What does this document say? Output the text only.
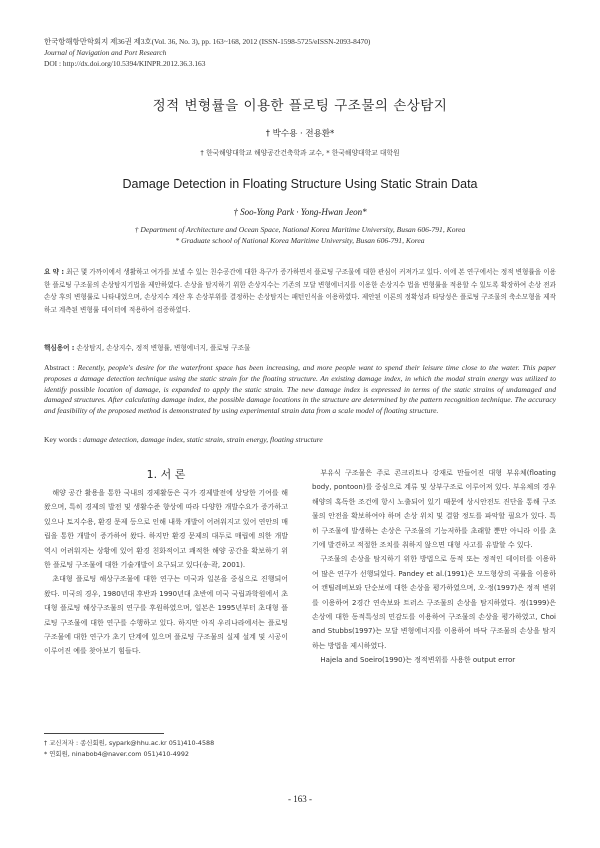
한국항해항만학회지 제36권 제3호(Vol. 36, No. 3), pp. 163~168, 2012 (ISSN-1598-5725/eISSN-2093-8470)
Journal of Navigation and Port Research
DOI : http://dx.doi.org/10.5394/KINPR.2012.36.3.163
정적 변형률을 이용한 플로팅 구조물의 손상탐지
† 박수용 · 전용환*
† 한국해양대학교 해양공간건축학과 교수, * 한국해양대학교 대학원
Damage Detection in Floating Structure Using Static Strain Data
† Soo-Yong Park · Yong-Hwan Jeon*
† Department of Architecture and Ocean Space, National Korea Maritime University, Busan 606-791, Korea
* Graduate school of National Korea Maritime University, Busan 606-791, Korea
요 약 : 최근 몇 가까이에서 생활하고 여가를 보낼 수 있는 친수공간에 대한 욕구가 증가하면서 플로팅 구조물에 대한 관심이 커져가고 있다. 이에 본 연구에서는 정적 변형률을 이용한 플로팅 구조물의 손상탐지기법을 제안하였다. 손상을 탐지하기 위한 손상지수는 기존의 모달 변형에너지를 이용한 손상지수 법을 변형률을 적용할 수 있도록 확장하여 손상 전과 손상 후의 변형률로 나타내었으며, 손상지수 계산 후 손상부위를 결정하는 손상탐지는 패턴인식을 이용하였다. 제안된 이론의 정확성과 타당성은 플로팅 구조물의 축소모형을 제작하고 계측된 변형률 데이터에 적용하여 검증하였다.
핵심용어 : 손상탐지, 손상지수, 정적 변형률, 변형에너지, 플로팅 구조물
Abstract : Recently, people's desire for the waterfront space has been increasing, and more people want to spend their leisure time close to the water. This paper proposes a damage detection technique using the static strain for the floating structure. An existing damage index, in which the modal strain energy was utilized to identify possible location of damage, is expanded to apply the static strain. The new damage index is expressed in terms of the static strains of undamaged and damaged structures. After calculating damage index, the possible damage locations in the structure are determined by the pattern recognition technique. The accuracy and feasibility of the proposed method is demonstrated by using experimental strain data from a scale model of floating structure.
Key words : damage detection, damage index, static strain, strain energy, floating structure
1. 서 론

해양 공간 활용을 통한 국내의 경제활동은 국가 경제발전에 상당한 기여를 해왔으며, 특히 경제의 발전 및 생활수준 향상에 따라 다양한 개발수요가 증가하고 있으나 토지수용, 환경 문제 등으로 인해 내륙 개발이 어려워지고 있어 연안의 매립을 통한 개발이 증가하여 왔다. 하지만 환경 문제의 대두로 매립에 의한 개발 역시 어려워지는 상황에 있어 환경 친화적이고 쾌적한 해양 공간을 확보하기 위한 플로팅 구조물에 대한 기술개발이 요구되고 있다(송·곽, 2001).

초대형 플로팅 해상구조물에 대한 연구는 미국과 일본을 중심으로 진행되어 왔다. 미국의 경우, 1980년대 후반과 1990년대 초반에 미국 국립과학원에서 초대형 플로팅 해상구조물의 연구를 후원하였으며, 일본은 1995년부터 초대형 플로팅 구조물에 대한 연구를 수행하고 있다. 하지만 아직 우리나라에서는 플로팅 구조물에 대한 연구가 초기 단계에 있으며 플로팅 구조물의 실제 설계 및 시공이 이루어진 예를 찾아보기 힘들다.

부유식 구조물은 주로 콘크리트나 강재로 만들어진 대형 부유체(floating body, pontoon)를 중심으로 계류 및 상부구조로 이루어져 있다. 부유체의 경우 해양의 혹독한 조건에 항시 노출되어 있기 때문에 상시안전도 진단을 통해 구조물의 안전을 확보하여야 하며 손상 위치 및 결함 정도를 파악할 필요가 있다. 특히 구조물에 발생하는 손상은 구조물의 기능저하를 초래할 뿐만 아니라 이를 초기에 발견하고 적절한 조치를 취하지 않으면 대형 사고를 유발할 수 있다.

구조물의 손상을 탐지하기 위한 방법으로 동적 또는 정적인 데이터를 이용하여 많은 연구가 선행되었다. Pandey et al.(1991)은 모드형상의 곡률을 이용하여 캔틸레버보와 단순보에 대한 손상을 평가하였으며, 오·정(1997)은 정적 변위를 이용하여 2경간 연속보와 트러스 구조물의 손상을 탐지하였다. 정(1999)은 손상에 대한 동적특성의 민감도를 이용하여 구조물의 손상을 평가하였고, Choi and Stubbs(1997)는 모달 변형에너지를 이용하여 바닥 구조물의 손상을 탐지하는 방법을 제시하였다.

Hajela and Soeiro(1990)는 정적변위를 사용한 output error

† 교신저자 : 종신회원, sypark@hhu.ac.kr 051)410-4588
* 연회원, ninabob4@naver.com 051)410-4992
- 163 -
